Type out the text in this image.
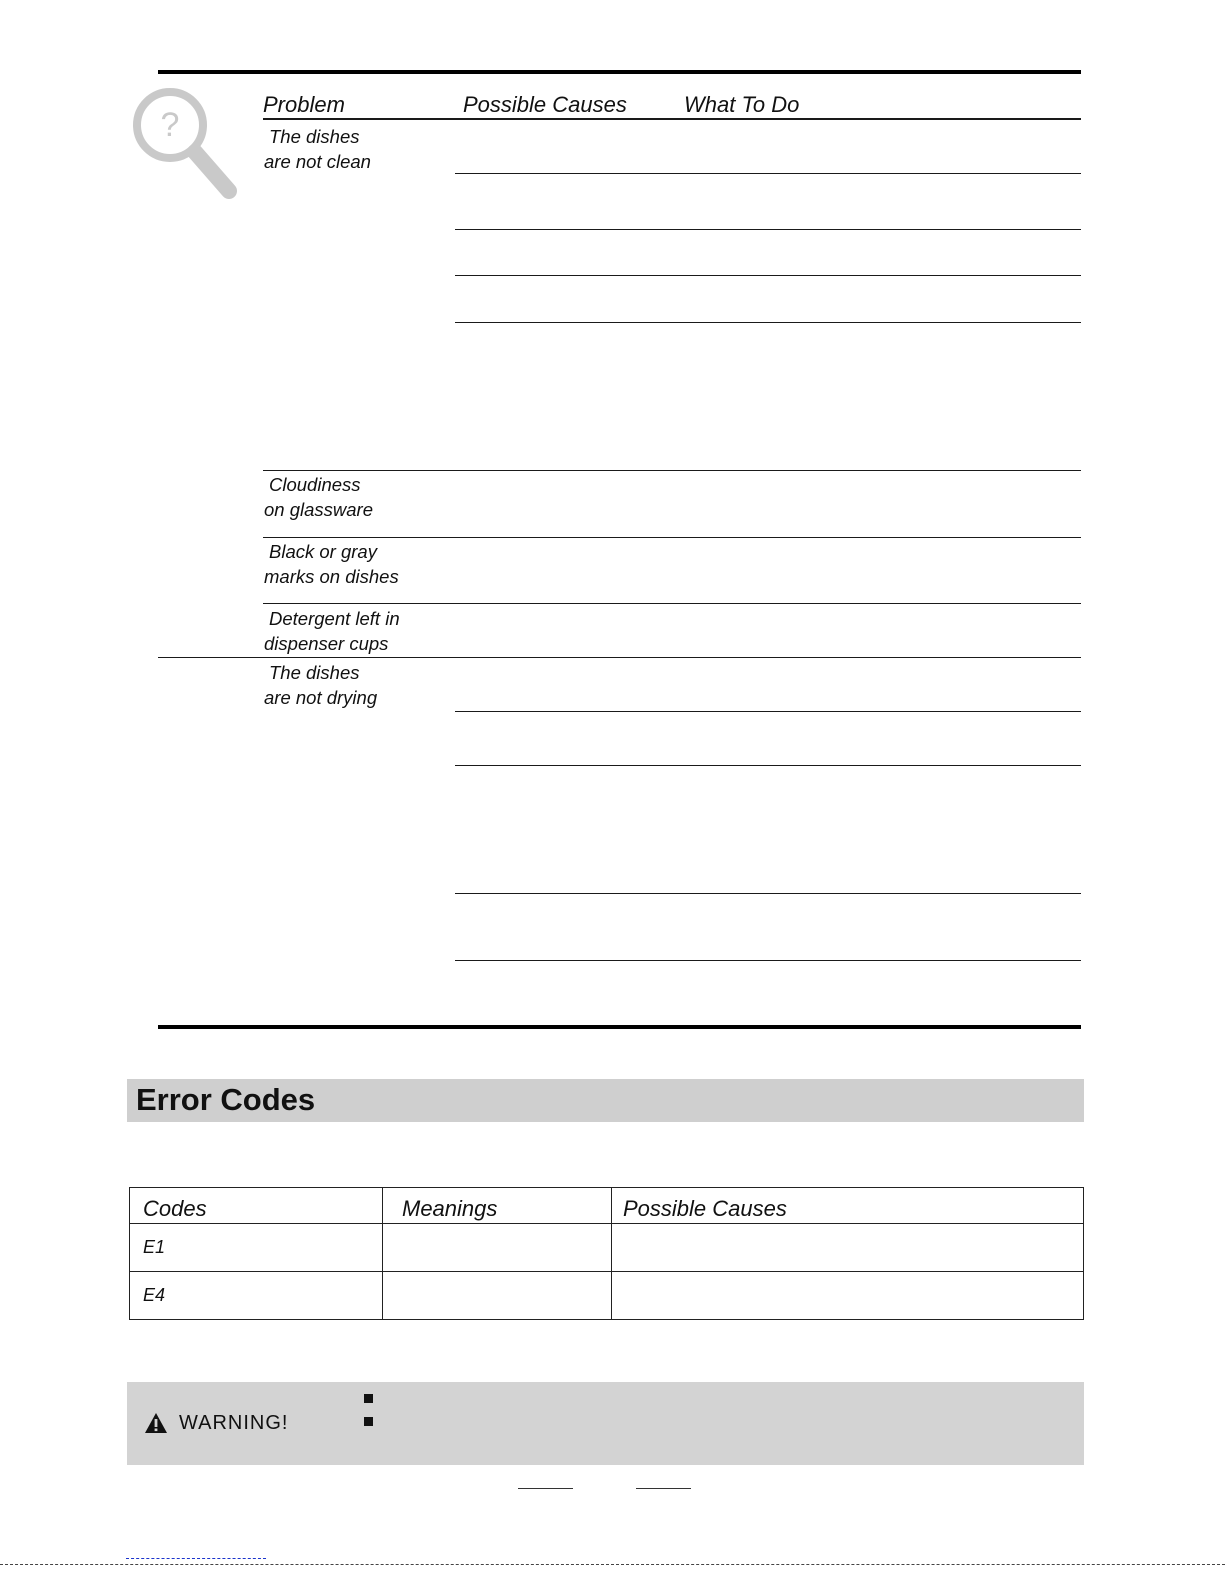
?
Problem	Possible Causes	What To Do
The dishes
are not clean
Cloudiness
on glassware
Black or gray
marks on dishes
Detergent left in
dispenser cups
The dishes
are not drying
Error Codes
Codes	Meanings	Possible Causes
E1
E4
WARNING!
